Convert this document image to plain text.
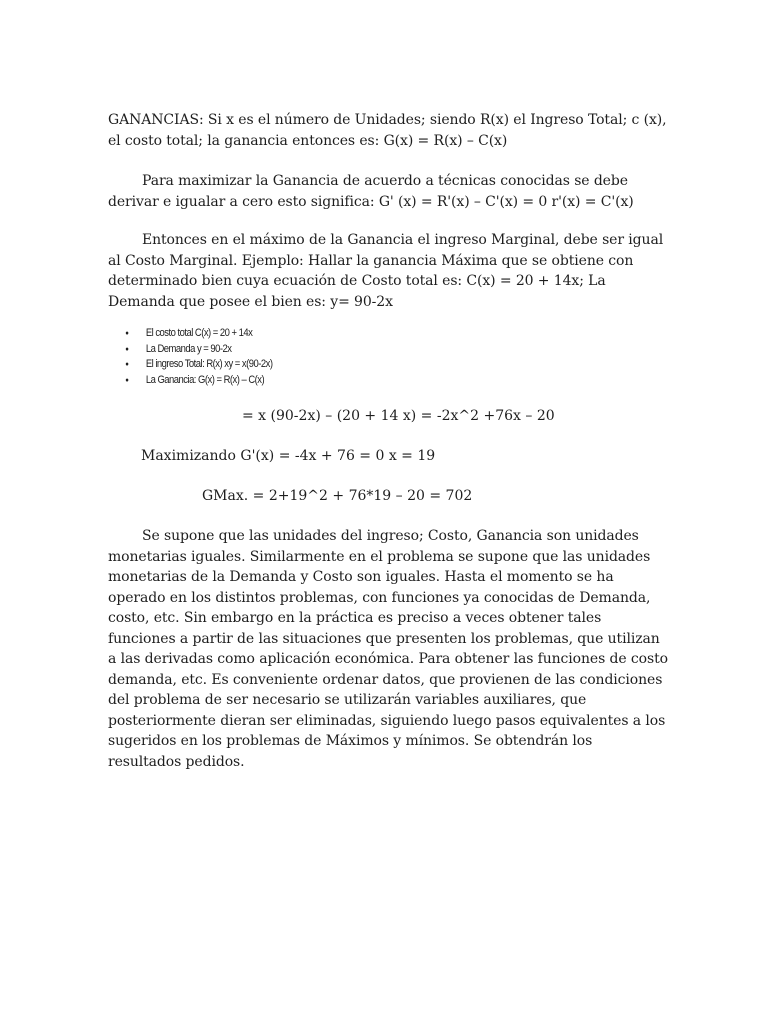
GANANCIAS: Si x es el número de Unidades; siendo R(x) el Ingreso Total; c (x), el costo total; la ganancia entonces es: G(x) = R(x) – C(x)

Para maximizar la Ganancia de acuerdo a técnicas conocidas se debe derivar e igualar a cero esto significa: G' (x) = R'(x) – C'(x) = 0 r'(x) = C'(x)

Entonces en el máximo de la Ganancia el ingreso Marginal, debe ser igual al Costo Marginal. Ejemplo: Hallar la ganancia Máxima que se obtiene con determinado bien cuya ecuación de Costo total es: C(x) = 20 + 14x; La Demanda que posee el bien es: y= 90-2x

● El costo total C(x) = 20 + 14x
● La Demanda y = 90-2x
● El ingreso Total: R(x) xy = x(90-2x)
● La Ganancia: G(x) = R(x) – C(x)

= x (90-2x) – (20 + 14 x) = -2x^2 +76x – 20

Maximizando G'(x) = -4x + 76 = 0 x = 19

GMax. = 2+19^2 + 76*19 – 20 = 702

Se supone que las unidades del ingreso; Costo, Ganancia son unidades monetarias iguales. Similarmente en el problema se supone que las unidades monetarias de la Demanda y Costo son iguales. Hasta el momento se ha operado en los distintos problemas, con funciones ya conocidas de Demanda, costo, etc. Sin embargo en la práctica es preciso a veces obtener tales funciones a partir de las situaciones que presenten los problemas, que utilizan a las derivadas como aplicación económica. Para obtener las funciones de costo demanda, etc. Es conveniente ordenar datos, que provienen de las condiciones del problema de ser necesario se utilizarán variables auxiliares, que posteriormente dieran ser eliminadas, siguiendo luego pasos equivalentes a los sugeridos en los problemas de Máximos y mínimos. Se obtendrán los resultados pedidos.
